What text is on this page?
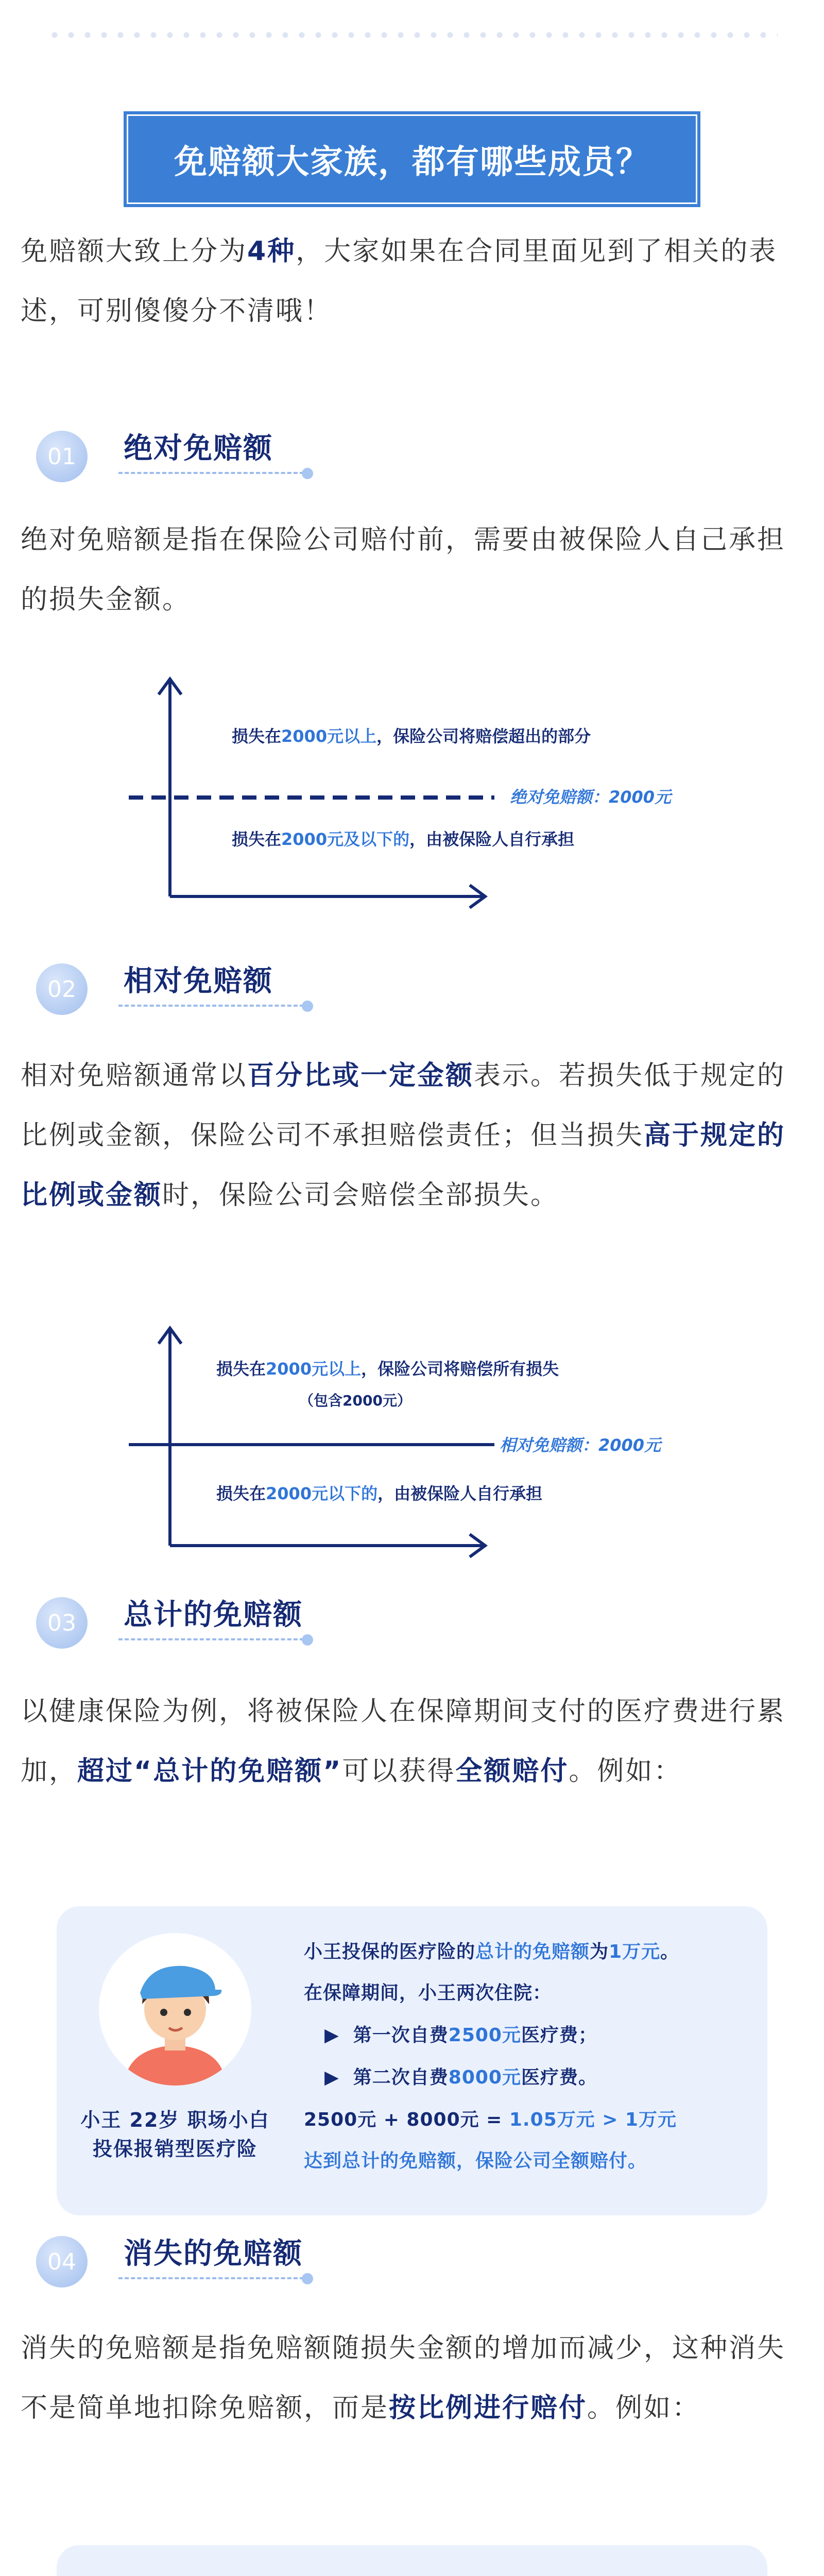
免赔额大家族，都有哪些成员？
免赔额大致上分为4种，大家如果在合同里面见到了相关的表述，可别傻傻分不清哦！
01	绝对免赔额
绝对免赔额是指在保险公司赔付前，需要由被保险人自己承担的损失金额。
损失在2000元以上，保险公司将赔偿超出的部分
绝对免赔额：2000元
损失在2000元及以下的，由被保险人自行承担
02	相对免赔额
相对免赔额通常以百分比或一定金额表示。若损失低于规定的比例或金额，保险公司不承担赔偿责任；但当损失高于规定的比例或金额时，保险公司会赔偿全部损失。
损失在2000元以上，保险公司将赔偿所有损失
（包含2000元）
相对免赔额：2000元
损失在2000元以下的，由被保险人自行承担
03	总计的免赔额
以健康保险为例，将被保险人在保障期间支付的医疗费进行累加，超过“总计的免赔额”可以获得全额赔付。例如：
小王 22岁 职场小白
投保报销型医疗险
小王投保的医疗险的总计的免赔额为1万元。
在保障期间，小王两次住院：
▶ 第一次自费2500元医疗费；
▶ 第二次自费8000元医疗费。
2500元 + 8000元 = 1.05万元 > 1万元
达到总计的免赔额，保险公司全额赔付。
04	消失的免赔额
消失的免赔额是指免赔额随损失金额的增加而减少，这种消失不是简单地扣除免赔额，而是按比例进行赔付。例如：
